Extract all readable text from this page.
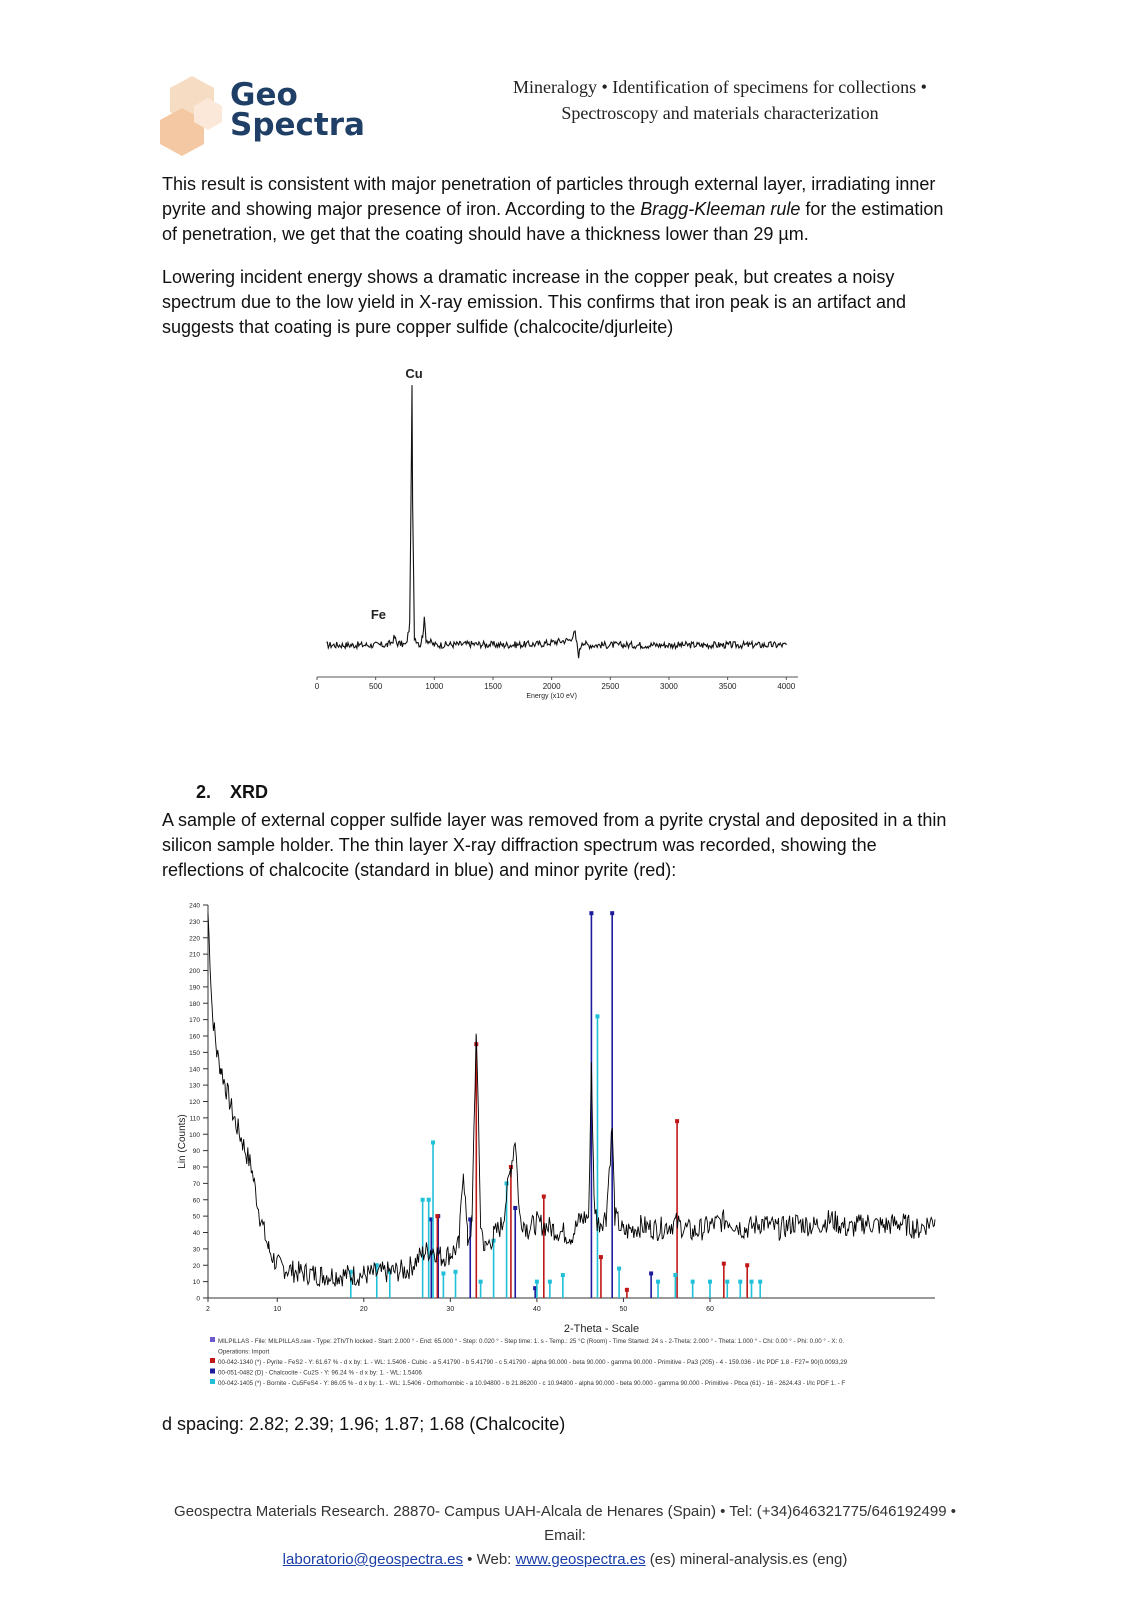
Geo
Spectra
Mineralogy • Identification of specimens for collections •
Spectroscopy and materials characterization

This result is consistent with major penetration of particles through external layer, irradiating inner pyrite and showing major presence of iron. According to the Bragg-Kleeman rule for the estimation of penetration, we get that the coating should have a thickness lower than 29 µm.

Lowering incident energy shows a dramatic increase in the copper peak, but creates a noisy spectrum due to the low yield in X-ray emission. This confirms that iron peak is an artifact and suggests that coating is pure copper sulfide (chalcocite/djurleite)

0	500	1000	1500	2000	2500	3000	3500	4000
Energy (x10 eV)
Cu
Fe
2. XRD

A sample of external copper sulfide layer was removed from a pyrite crystal and deposited in a thin silicon sample holder. The thin layer X-ray diffraction spectrum was recorded, showing the reflections of chalcocite (standard in blue) and minor pyrite (red):

0
10
20
30
40
50
60
70
80
90
100
110
120
130
140
150
160
170
180
190
200
210
220
230
240
2	10	20	30	40	50	60
Lin (Counts)
2-Theta - Scale
MILPILLAS - File: MILPILLAS.raw - Type: 2Th/Th locked - Start: 2.000 ° - End: 65.000 ° - Step: 0.020 ° - Step time: 1. s - Temp.: 25 °C (Room) - Time Started: 24 s - 2-Theta: 2.000 ° - Theta: 1.000 ° - Chi: 0.00 ° - Phi: 0.00 ° - X: 0.
Operations: Import
00-042-1340 (*) - Pyrite - FeS2 - Y: 61.67 % - d x by: 1. - WL: 1.5406 - Cubic - a 5.41790 - b 5.41790 - c 5.41790 - alpha 90.000 - beta 90.000 - gamma 90.000 - Primitive - Pa3 (205) - 4 - 159.036 - I/Ic PDF 1.8 - F27= 90(0.0093,29
00-051-0482 (D) - Chalcocite - Cu2S - Y: 96.24 % - d x by: 1. - WL: 1.5406
00-042-1405 (*) - Bornite - Cu5FeS4 - Y: 86.05 % - d x by: 1. - WL: 1.5406 - Orthorhombic - a 10.94800 - b 21.86200 - c 10.94800 - alpha 90.000 - beta 90.000 - gamma 90.000 - Primitive - Pbca (61) - 16 - 2624.43 - I/Ic PDF 1. - F

d spacing: 2.82; 2.39; 1.96; 1.87; 1.68 (Chalcocite)

Geospectra Materials Research. 28870- Campus UAH-Alcala de Henares (Spain) • Tel: (+34)646321775/646192499 • Email:
laboratorio@geospectra.es • Web: www.geospectra.es (es) mineral-analysis.es (eng)
